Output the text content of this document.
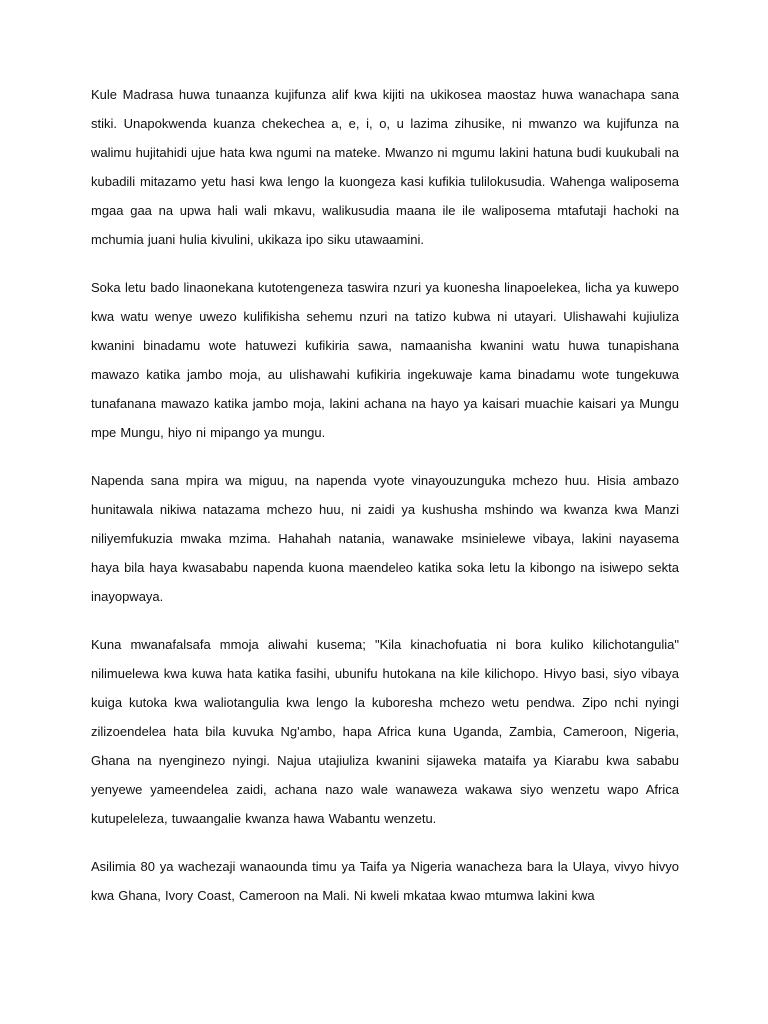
Kule Madrasa huwa tunaanza kujifunza alif kwa kijiti na ukikosea maostaz huwa wanachapa sana stiki. Unapokwenda kuanza chekechea a, e, i, o, u lazima zihusike, ni mwanzo wa kujifunza na walimu hujitahidi ujue hata kwa ngumi na mateke. Mwanzo ni mgumu lakini hatuna budi kuukubali na kubadili mitazamo yetu hasi kwa lengo la kuongeza kasi kufikia tulilokusudia. Wahenga waliposema mgaa gaa na upwa hali wali mkavu, walikusudia maana ile ile waliposema mtafutaji hachoki na mchumia juani hulia kivulini, ukikaza ipo siku utawaamini.

Soka letu bado linaonekana kutotengeneza taswira nzuri ya kuonesha linapoelekea, licha ya kuwepo kwa watu wenye uwezo kulifikisha sehemu nzuri na tatizo kubwa ni utayari. Ulishawahi kujiuliza kwanini binadamu wote hatuwezi kufikiria sawa, namaanisha kwanini watu huwa tunapishana mawazo katika jambo moja, au ulishawahi kufikiria ingekuwaje kama binadamu wote tungekuwa tunafanana mawazo katika jambo moja, lakini achana na hayo ya kaisari muachie kaisari ya Mungu mpe Mungu, hiyo ni mipango ya mungu.

Napenda sana mpira wa miguu, na napenda vyote vinayouzunguka mchezo huu. Hisia ambazo hunitawala nikiwa natazama mchezo huu, ni zaidi ya kushusha mshindo wa kwanza kwa Manzi niliyemfukuzia mwaka mzima. Hahahah natania, wanawake msinielewe vibaya, lakini nayasema haya bila haya kwasababu napenda kuona maendeleo katika soka letu la kibongo na isiwepo sekta inayopwaya.

Kuna mwanafalsafa mmoja aliwahi kusema; "Kila kinachofuatia ni bora kuliko kilichotangulia" nilimuelewa kwa kuwa hata katika fasihi, ubunifu hutokana na kile kilichopo. Hivyo basi, siyo vibaya kuiga kutoka kwa waliotangulia kwa lengo la kuboresha mchezo wetu pendwa. Zipo nchi nyingi zilizoendelea hata bila kuvuka Ng'ambo, hapa Africa kuna Uganda, Zambia, Cameroon, Nigeria, Ghana na nyenginezo nyingi. Najua utajiuliza kwanini sijaweka mataifa ya Kiarabu kwa sababu yenyewe yameendelea zaidi, achana nazo wale wanaweza wakawa siyo wenzetu wapo Africa kutupeleleza, tuwaangalie kwanza hawa Wabantu wenzetu.

Asilimia 80 ya wachezaji wanaounda timu ya Taifa ya Nigeria wanacheza bara la Ulaya, vivyo hivyo kwa Ghana, Ivory Coast, Cameroon na Mali. Ni kweli mkataa kwao mtumwa lakini kwa
